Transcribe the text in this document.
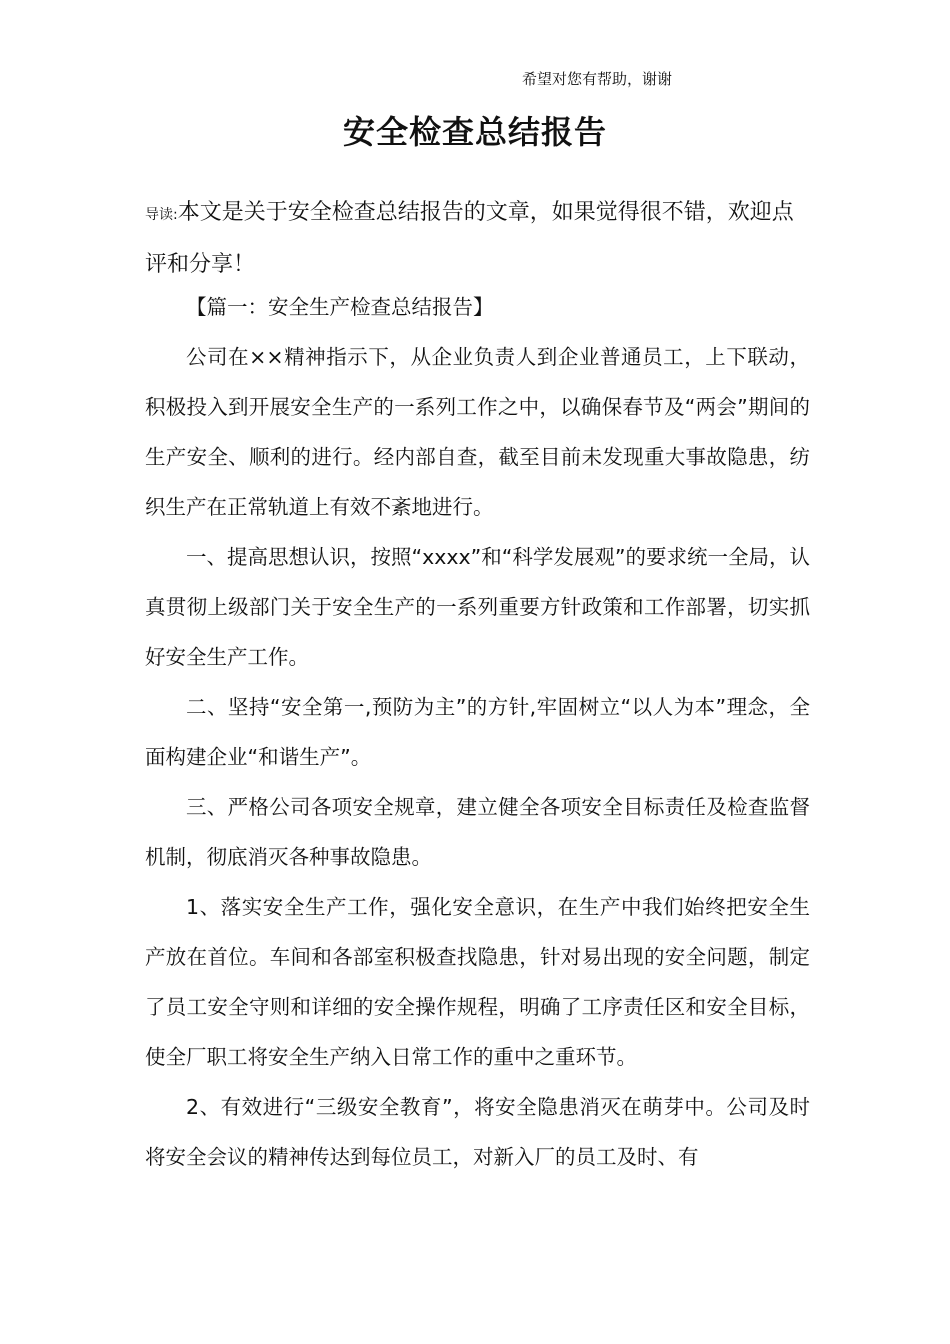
希望对您有帮助，谢谢
安全检查总结报告

导读:本文是关于安全检查总结报告的文章，如果觉得很不错，欢迎点评和分享！

【篇一：安全生产检查总结报告】

公司在××精神指示下，从企业负责人到企业普通员工，上下联动，积极投入到开展安全生产的一系列工作之中，以确保春节及“两会”期间的生产安全、顺利的进行。经内部自查，截至目前未发现重大事故隐患，纺织生产在正常轨道上有效不紊地进行。

一、提高思想认识，按照“xxxx”和“科学发展观”的要求统一全局，认真贯彻上级部门关于安全生产的一系列重要方针政策和工作部署，切实抓好安全生产工作。

二、坚持“安全第一,预防为主”的方针,牢固树立“以人为本”理念，全面构建企业“和谐生产”。

三、严格公司各项安全规章，建立健全各项安全目标责任及检查监督机制，彻底消灭各种事故隐患。

1、落实安全生产工作，强化安全意识，在生产中我们始终把安全生产放在首位。车间和各部室积极查找隐患，针对易出现的安全问题，制定了员工安全守则和详细的安全操作规程，明确了工序责任区和安全目标，使全厂职工将安全生产纳入日常工作的重中之重环节。

2、有效进行“三级安全教育”，将安全隐患消灭在萌芽中。公司及时将安全会议的精神传达到每位员工，对新入厂的员工及时、有
